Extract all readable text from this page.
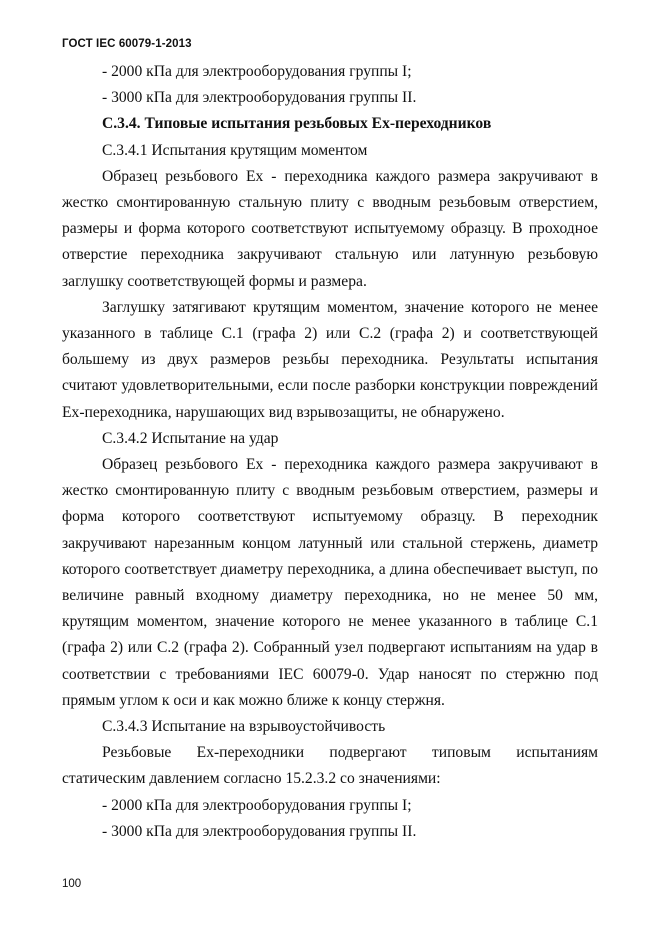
ГОСТ IEC 60079-1-2013

- 2000 кПа для электрооборудования группы I;

- 3000 кПа для электрооборудования группы II.

С.3.4. Типовые испытания резьбовых Ex-переходников

С.3.4.1 Испытания крутящим моментом

Образец резьбового Ex - переходника каждого размера закручивают в жестко смонтированную стальную плиту с вводным резьбовым отверстием, размеры и форма которого соответствуют испытуемому образцу. В проходное отверстие переходника закручивают стальную или латунную резьбовую заглушку соответствующей формы и размера.

Заглушку затягивают крутящим моментом, значение которого не менее указанного в таблице С.1 (графа 2) или С.2 (графа 2) и соответствующей большему из двух размеров резьбы переходника. Результаты испытания считают удовлетворительными, если после разборки конструкции повреждений Ex-переходника, нарушающих вид взрывозащиты, не обнаружено.

С.3.4.2 Испытание на удар

Образец резьбового Ex - переходника каждого размера закручивают в жестко смонтированную плиту с вводным резьбовым отверстием, размеры и форма которого соответствуют испытуемому образцу. В переходник закручивают нарезанным концом латунный или стальной стержень, диаметр которого соответствует диаметру переходника, а длина обеспечивает выступ, по величине равный входному диаметру переходника, но не менее 50 мм, крутящим моментом, значение которого не менее указанного в таблице С.1 (графа 2) или С.2 (графа 2). Собранный узел подвергают испытаниям на удар в соответствии с требованиями IEC 60079-0. Удар наносят по стержню под прямым углом к оси и как можно ближе к концу стержня.

С.3.4.3 Испытание на взрывоустойчивость

Резьбовые Ex-переходники подвергают типовым испытаниям статическим давлением согласно 15.2.3.2 со значениями:

- 2000 кПа для электрооборудования группы I;

- 3000 кПа для электрооборудования группы II.

100
